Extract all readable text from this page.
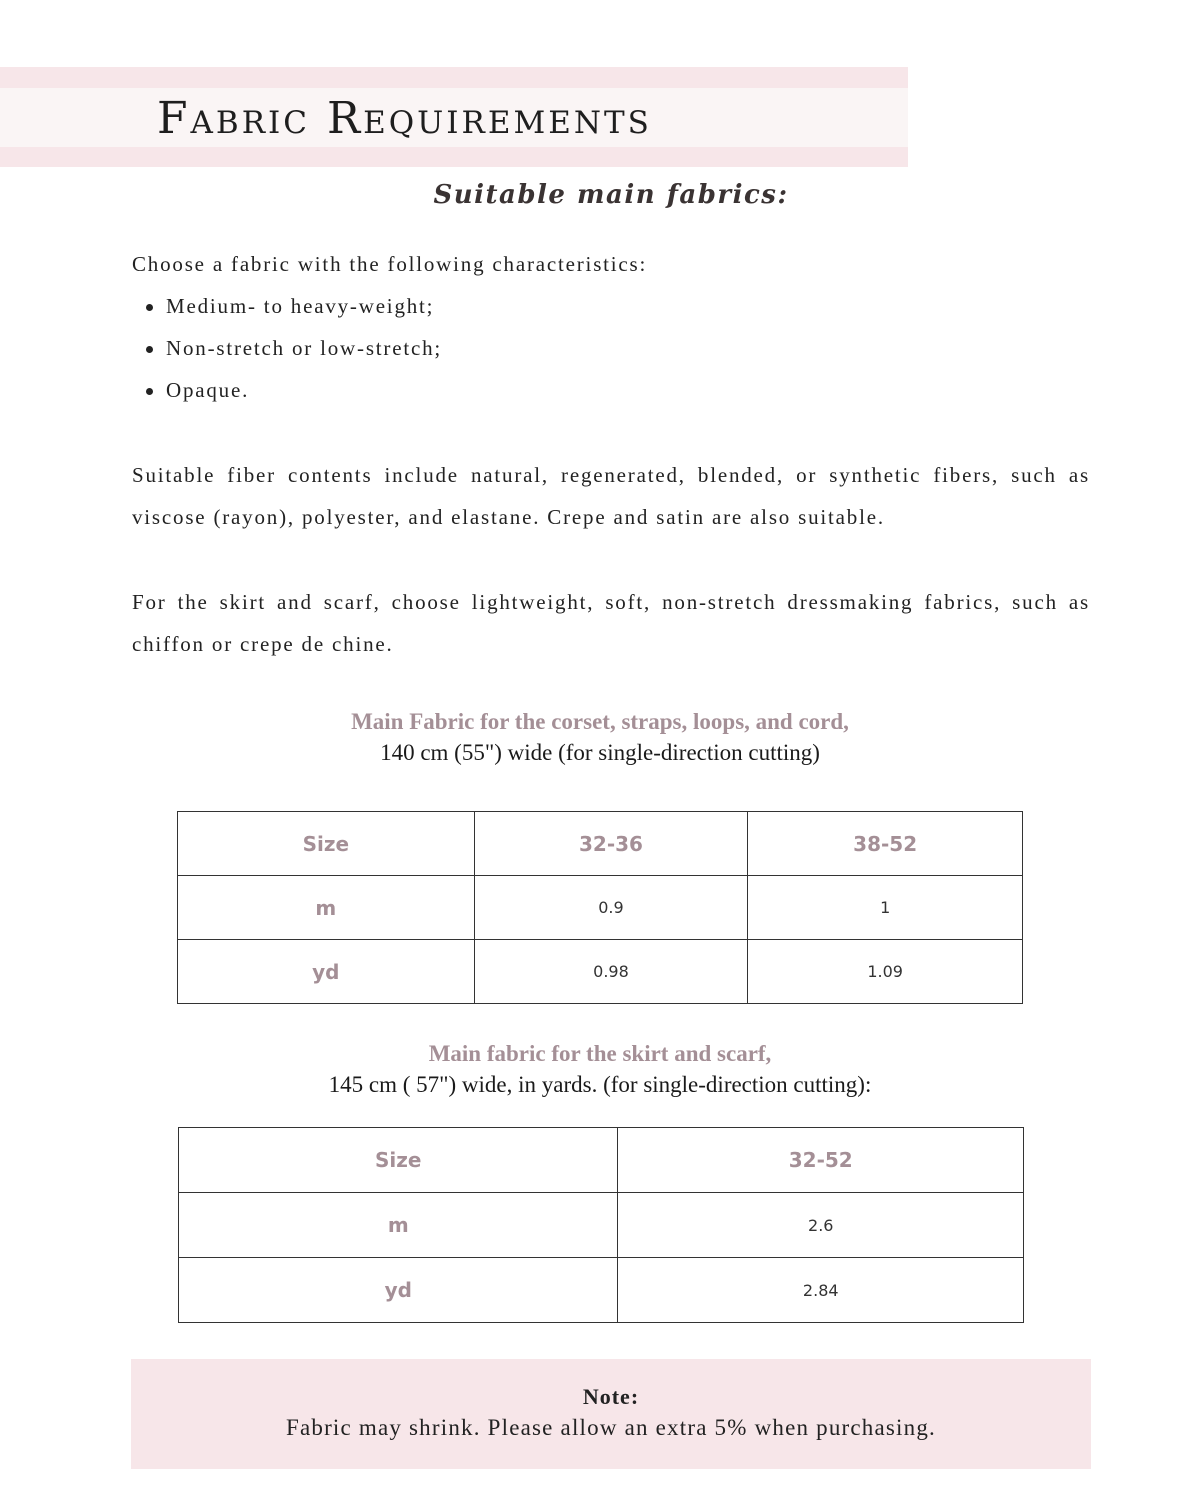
Fabric Requirements
Suitable main fabrics:
Choose a fabric with the following characteristics:
Medium- to heavy-weight;
Non-stretch or low-stretch;
Opaque.

Suitable fiber contents include natural, regenerated, blended, or synthetic fibers, such as viscose (rayon), polyester, and elastane. Crepe and satin are also suitable.

For the skirt and scarf, choose lightweight, soft, non-stretch dressmaking fabrics, such as chiffon or crepe de chine.

Main Fabric for the corset, straps, loops, and cord,
140 cm (55") wide (for single-direction cutting)
Size	32-36	38-52
m	0.9	1
yd	0.98	1.09
Main fabric for the skirt and scarf,
145 cm ( 57") wide, in yards. (for single-direction cutting):
Size	32-52
m	2.6
yd	2.84
Note:
Fabric may shrink. Please allow an extra 5% when purchasing.
